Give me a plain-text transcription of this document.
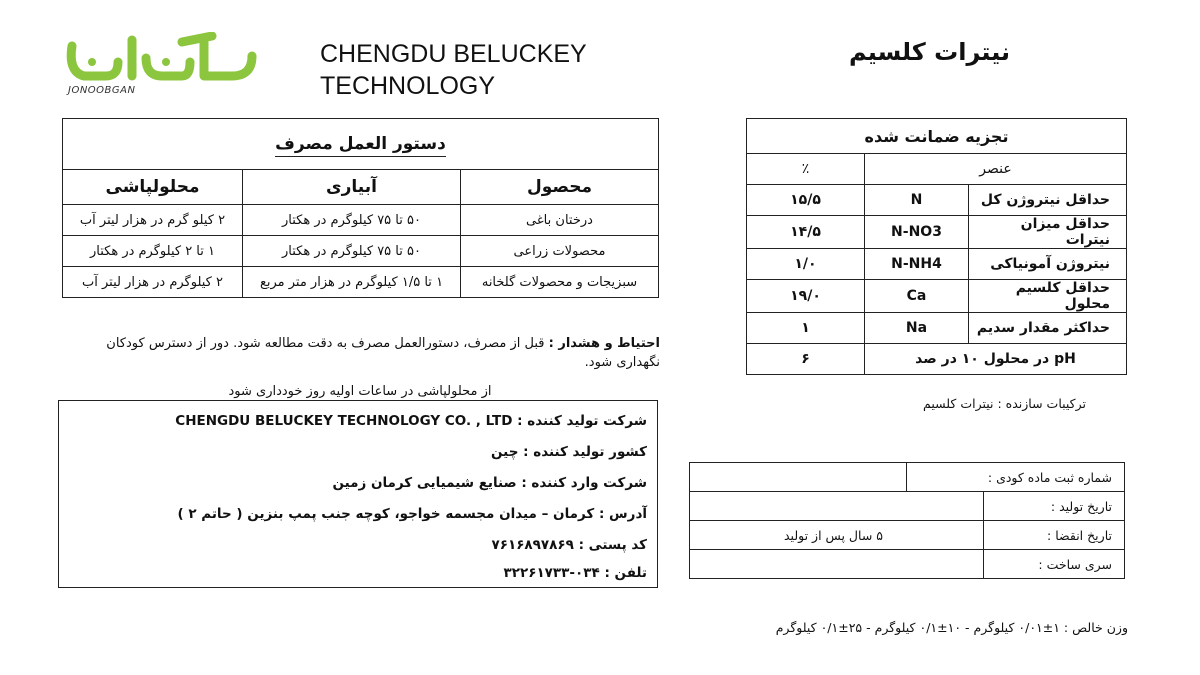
JONOOBGAN
CHENGDU BELUCKEY
TECHNOLOGY
نیترات کلسیم
دستور العمل مصرف		
محصول	آبیاری	محلولپاشی
درختان باغی	۵۰ تا ۷۵ کیلوگرم در هکتار	۲ کیلو گرم در هزار لیتر آب
محصولات زراعی	۵۰ تا ۷۵ کیلوگرم در هکتار	۱ تا ۲ کیلوگرم در هکتار
سبزیجات و محصولات گلخانه	۱ تا ۱/۵ کیلوگرم در هزار متر مربع	۲ کیلوگرم در هزار لیتر آب
احتیاط و هشدار : قبل از مصرف، دستورالعمل مصرف به دقت مطالعه شود. دور از دسترس کودکان نگهداری شود.
از محلولپاشی در ساعات اولیه روز خودداری شود
شرکت تولید کننده : CHENGDU BELUCKEY TECHNOLOGY CO. , LTD
کشور تولید کننده : چین
شرکت وارد کننده : صنایع شیمیایی کرمان زمین
آدرس : کرمان – میدان مجسمه خواجو، کوچه جنب پمپ بنزین ( حاتم ۲ )
کد پستی : ۷۶۱۶۸۹۷۸۶۹
تلفن : ۰۳۴-۳۲۲۶۱۷۳۳
تجزیه ضمانت شده		
عنصر		٪
حداقل نیتروژن کل	N	۱۵/۵
حداقل میزان نیترات	N-NO3	۱۴/۵
نیتروژن آمونیاکی	N-NH4	۱/۰
حداقل کلسیم محلول	Ca	۱۹/۰
حداکثر مقدار سدیم	Na	۱
pH در محلول ۱۰ در صد		۶
ترکیبات سازنده : نیترات کلسیم
	شماره ثبت ماده کودی :	
		تاریخ تولید :
۵ سال پس از تولید		تاریخ انقضا :
		سری ساخت :
وزن خالص : ۱±۰/۰۱ کیلوگرم - ۱۰±۰/۱ کیلوگرم - ۲۵±۰/۱ کیلوگرم
